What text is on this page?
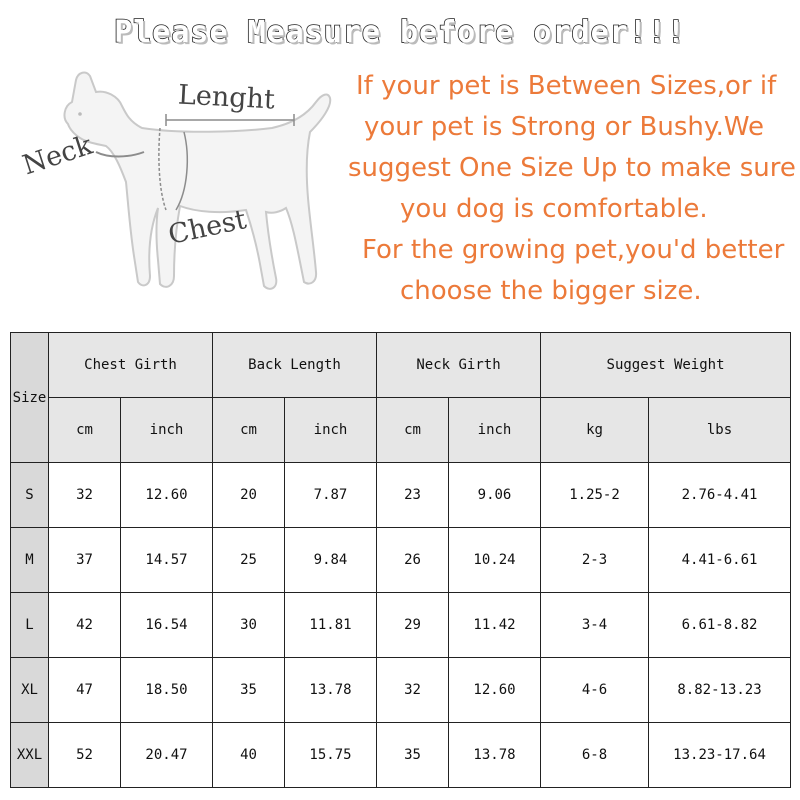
Please Measure before order!!!
Lenght
Neck
Chest
If your pet is Between Sizes,or if
your pet is Strong or Bushy.We
suggest One Size Up to make sure
you dog is comfortable.
For the growing pet,you'd better
choose the bigger size.
Size	Chest Girth		Back Length		Neck Girth		Suggest Weight	
	cm	inch	cm	inch	cm	inch	kg	lbs
S	32	12.60	20	7.87	23	9.06	1.25-2	2.76-4.41
M	37	14.57	25	9.84	26	10.24	2-3	4.41-6.61
L	42	16.54	30	11.81	29	11.42	3-4	6.61-8.82
XL	47	18.50	35	13.78	32	12.60	4-6	8.82-13.23
XXL	52	20.47	40	15.75	35	13.78	6-8	13.23-17.64
